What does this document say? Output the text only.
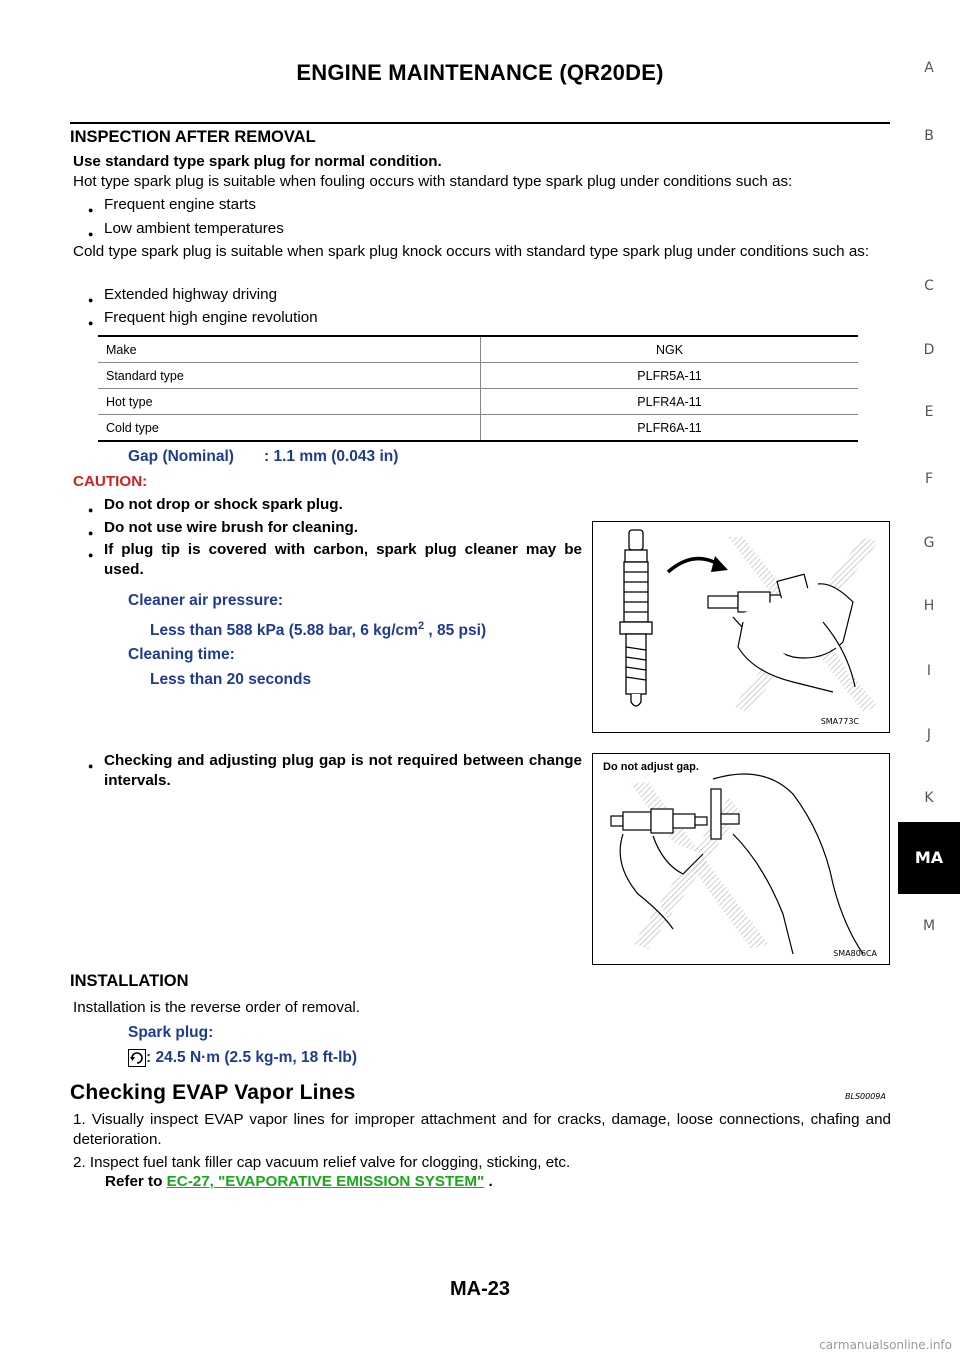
ENGINE MAINTENANCE (QR20DE)	A
B
C
D
E
F
G
H
I
J
K
MA
M
INSPECTION AFTER REMOVAL
Use standard type spark plug for normal condition.
Hot type spark plug is suitable when fouling occurs with standard type spark plug under conditions such as:
● Frequent engine starts
● Low ambient temperatures
Cold type spark plug is suitable when spark plug knock occurs with standard type spark plug under conditions such as:
● Extended highway driving
● Frequent high engine revolution
Make	NGK
Standard type	PLFR5A-11
Hot type	PLFR4A-11
Cold type	PLFR6A-11
Gap (Nominal) : 1.1 mm (0.043 in)
CAUTION:
● Do not drop or shock spark plug.
● Do not use wire brush for cleaning.
● If plug tip is covered with carbon, spark plug cleaner may be used.
Cleaner air pressure:
Less than 588 kPa (5.88 bar, 6 $kg/cm^2$ , 85 psi)
Cleaning time:
Less than 20 seconds
● Checking and adjusting plug gap is not required between change intervals.
SMA773C
Do not adjust gap.
SMA806CA
INSTALLATION
Installation is the reverse order of removal.
Spark plug:
: 24.5 N·m (2.5 kg-m, 18 ft-lb)
Checking EVAP Vapor Lines	BLS0009A
1. Visually inspect EVAP vapor lines for improper attachment and for cracks, damage, loose connections, chafing and deterioration.
2. Inspect fuel tank filler cap vacuum relief valve for clogging, sticking, etc.
Refer to EC-27, "EVAPORATIVE EMISSION SYSTEM" .
MA-23
carmanualsonline.info
